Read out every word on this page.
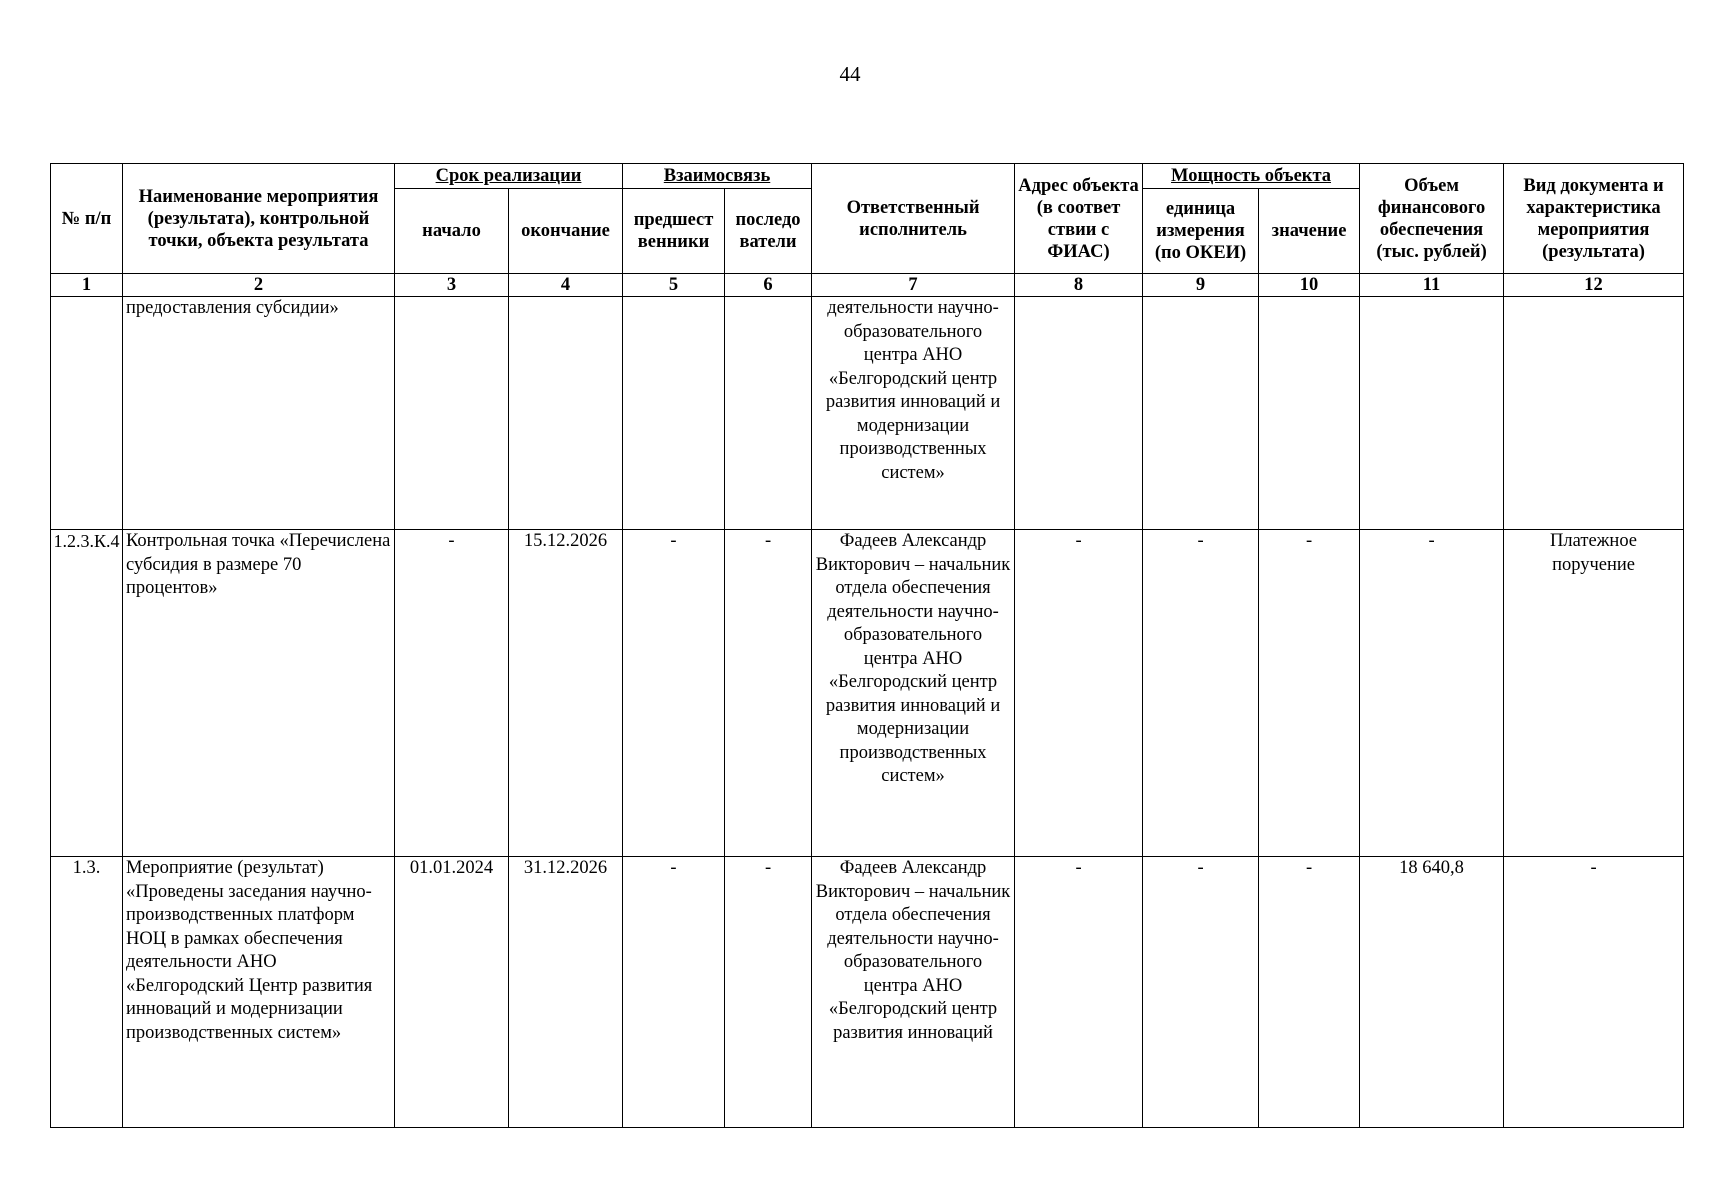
44
№ п/п	Наименование мероприятия (результата), контрольной точки, объекта результата	Срок реализации		Взаимосвязь		Ответственный исполнитель	Адрес объекта (в соответ ствии с ФИАС)	Мощность объекта		Объем финансового обеспечения (тыс. рублей)	Вид документа и характеристика мероприятия (результата)
		начало	окончание	предшест венники	последо ватели			единица измерения (по ОКЕИ)	значение		
1	2	3	4	5	6	7	8	9	10	11	12
	предоставления субсидии»					деятельности научно-образовательного центра АНО «Белгородский центр развития инноваций и модернизации производственных систем»					
1.2.3.К.4	Контрольная точка «Перечислена субсидия в размере 70 процентов»	-	15.12.2026	-	-	Фадеев Александр Викторович – начальник отдела обеспечения деятельности научно-образовательного центра АНО «Белгородский центр развития инноваций и модернизации производственных систем»	-	-	-	-	Платежное поручение
1.3.	Мероприятие (результат) «Проведены заседания научно-производственных платформ НОЦ в рамках обеспечения деятельности АНО «Белгородский Центр развития инноваций и модернизации производственных систем»	01.01.2024	31.12.2026	-	-	Фадеев Александр Викторович – начальник отдела обеспечения деятельности научно-образовательного центра АНО «Белгородский центр развития инноваций	-	-	-	18 640,8	-
